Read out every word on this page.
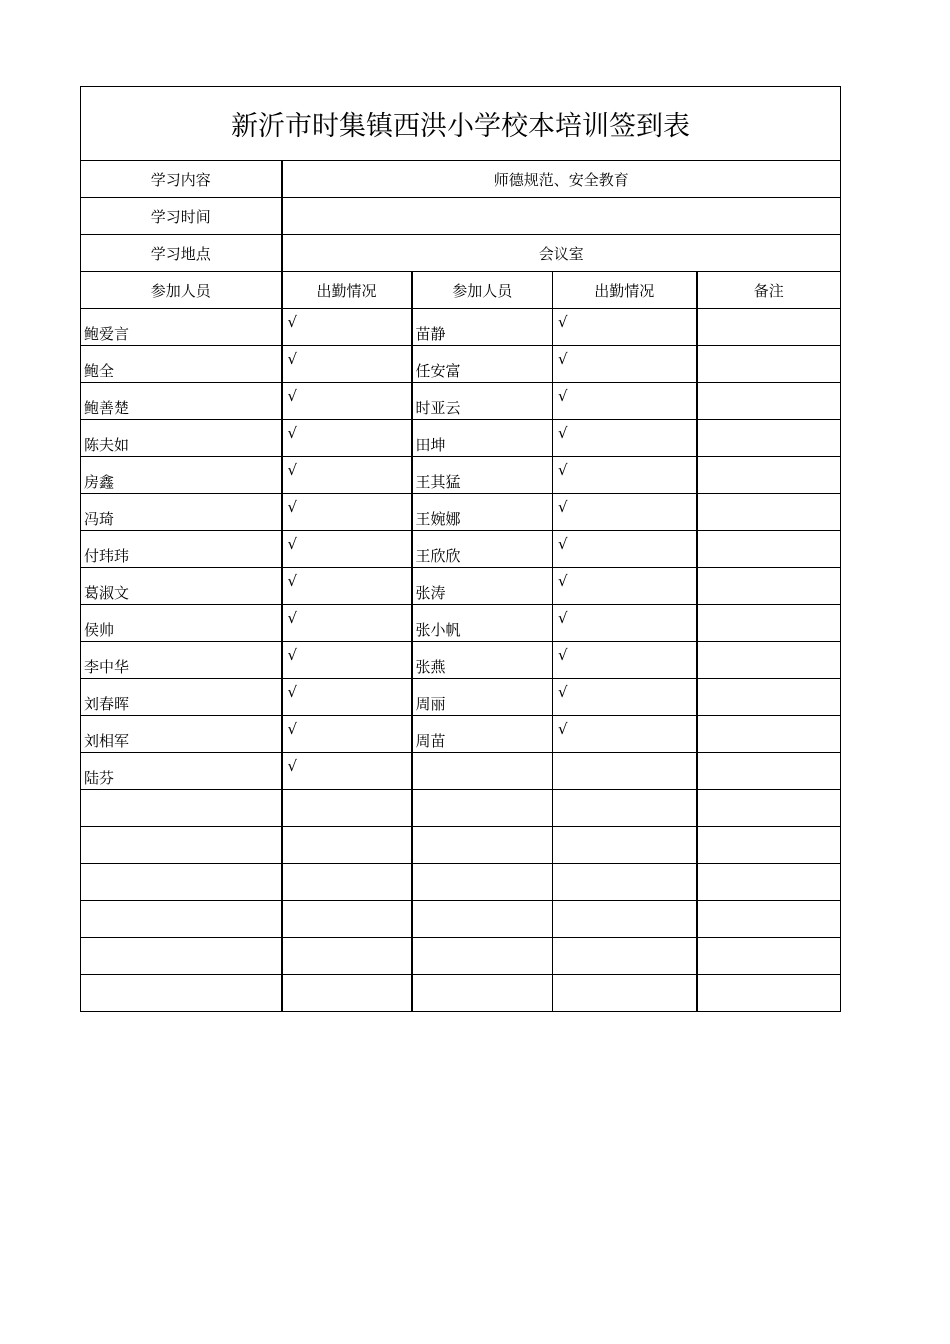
新沂市时集镇西洪小学校本培训签到表				
学习内容	师德规范、安全教育			
学习时间				
学习地点	会议室			
参加人员	出勤情况	参加人员	出勤情况	备注

鲍爱言	√	苗静	√	

鲍全	√	任安富	√	

鲍善楚	√	时亚云	√	

陈夫如	√	田坤	√	

房鑫	√	王其猛	√	

冯琦	√	王婉娜	√	

付玮玮	√	王欣欣	√	

葛淑文	√	张涛	√	

侯帅	√	张小帆	√	

李中华	√	张燕	√	

刘春晖	√	周丽	√	

刘相军	√	周苗	√	

陆芬	√			
